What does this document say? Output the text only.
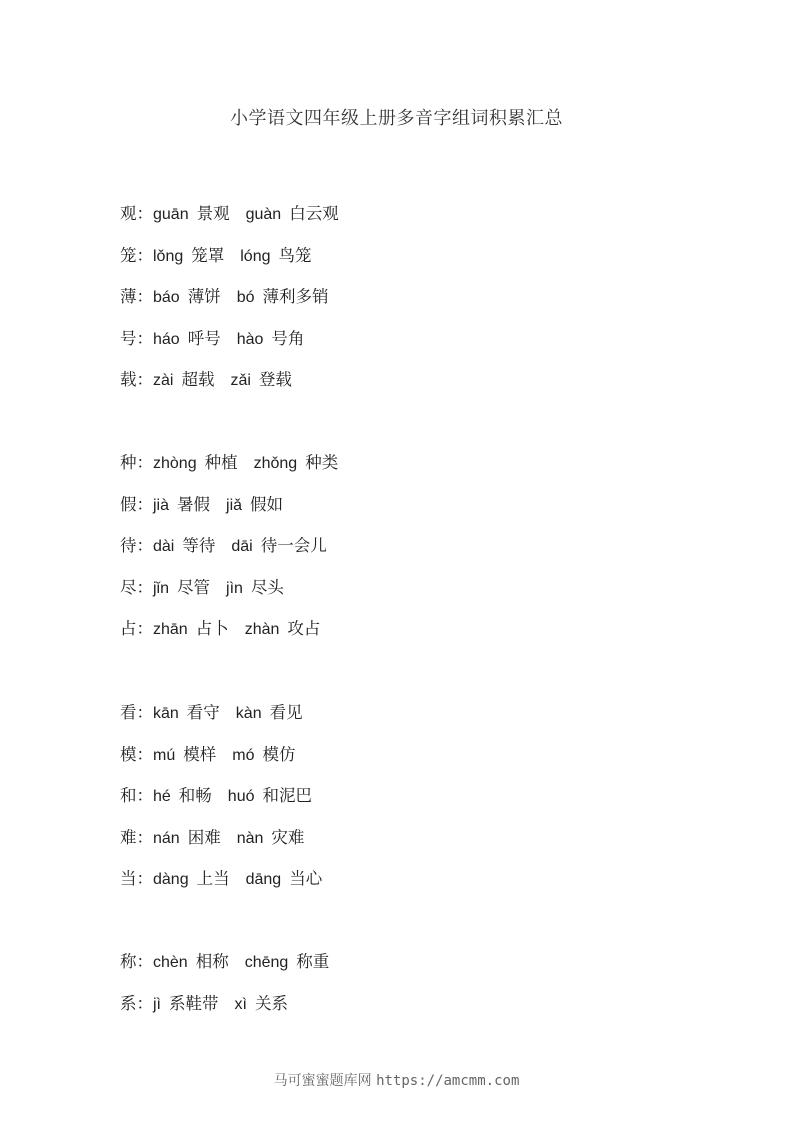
小学语文四年级上册多音字组词积累汇总
观：guān 景观 guàn 白云观
笼：lǒng 笼罩 lóng 鸟笼
薄：báo 薄饼 bó 薄利多销
号：háo 呼号 hào 号角
载：zài 超载 zǎi 登载
种：zhòng 种植 zhǒng 种类
假：jià 暑假 jiǎ 假如
待：dài 等待 dāi 待一会儿
尽：jǐn 尽管 jìn 尽头
占：zhān 占卜 zhàn 攻占
看：kān 看守 kàn 看见
模：mú 模样 mó 模仿
和：hé 和畅 huó 和泥巴
难：nán 困难 nàn 灾难
当：dàng 上当 dāng 当心
称：chèn 相称 chēng 称重
系：jì 系鞋带 xì 关系
马可蜜蜜题库网 https://amcmm.com
